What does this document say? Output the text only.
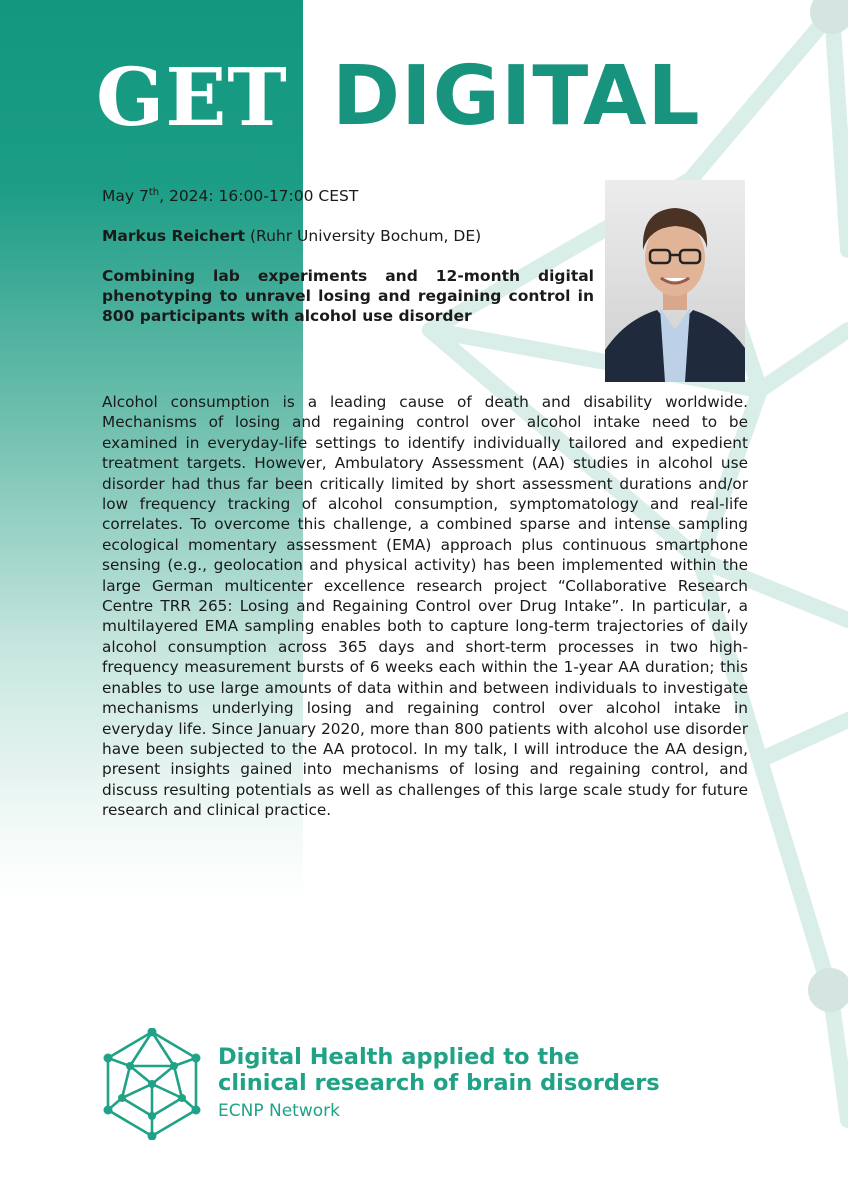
GET DIGITAL
May 7th, 2024: 16:00-17:00 CEST
Markus Reichert (Ruhr University Bochum, DE)
Combining lab experiments and 12-month digital phenotyping to unravel losing and regaining control in 800 participants with alcohol use disorder

Alcohol consumption is a leading cause of death and disability worldwide. Mechanisms of losing and regaining control over alcohol intake need to be examined in everyday-life settings to identify individually tailored and expedient treatment targets. However, Ambulatory Assessment (AA) studies in alcohol use disorder had thus far been critically limited by short assessment durations and/or low frequency tracking of alcohol consumption, symptomatology and real-life correlates. To overcome this challenge, a combined sparse and intense sampling ecological momentary assessment (EMA) approach plus continuous smartphone sensing (e.g., geolocation and physical activity) has been implemented within the large German multicenter excellence research project “Collaborative Research Centre TRR 265: Losing and Regaining Control over Drug Intake”. In particular, a multilayered EMA sampling enables both to capture long-term trajectories of daily alcohol consumption across 365 days and short-term processes in two high-frequency measurement bursts of 6 weeks each within the 1-year AA duration; this enables to use large amounts of data within and between individuals to investigate mechanisms underlying losing and regaining control over alcohol intake in everyday life. Since January 2020, more than 800 patients with alcohol use disorder have been subjected to the AA protocol. In my talk, I will introduce the AA design, present insights gained into mechanisms of losing and regaining control, and discuss resulting potentials as well as challenges of this large scale study for future research and clinical practice.

Digital Health applied to the
clinical research of brain disorders
ECNP Network
